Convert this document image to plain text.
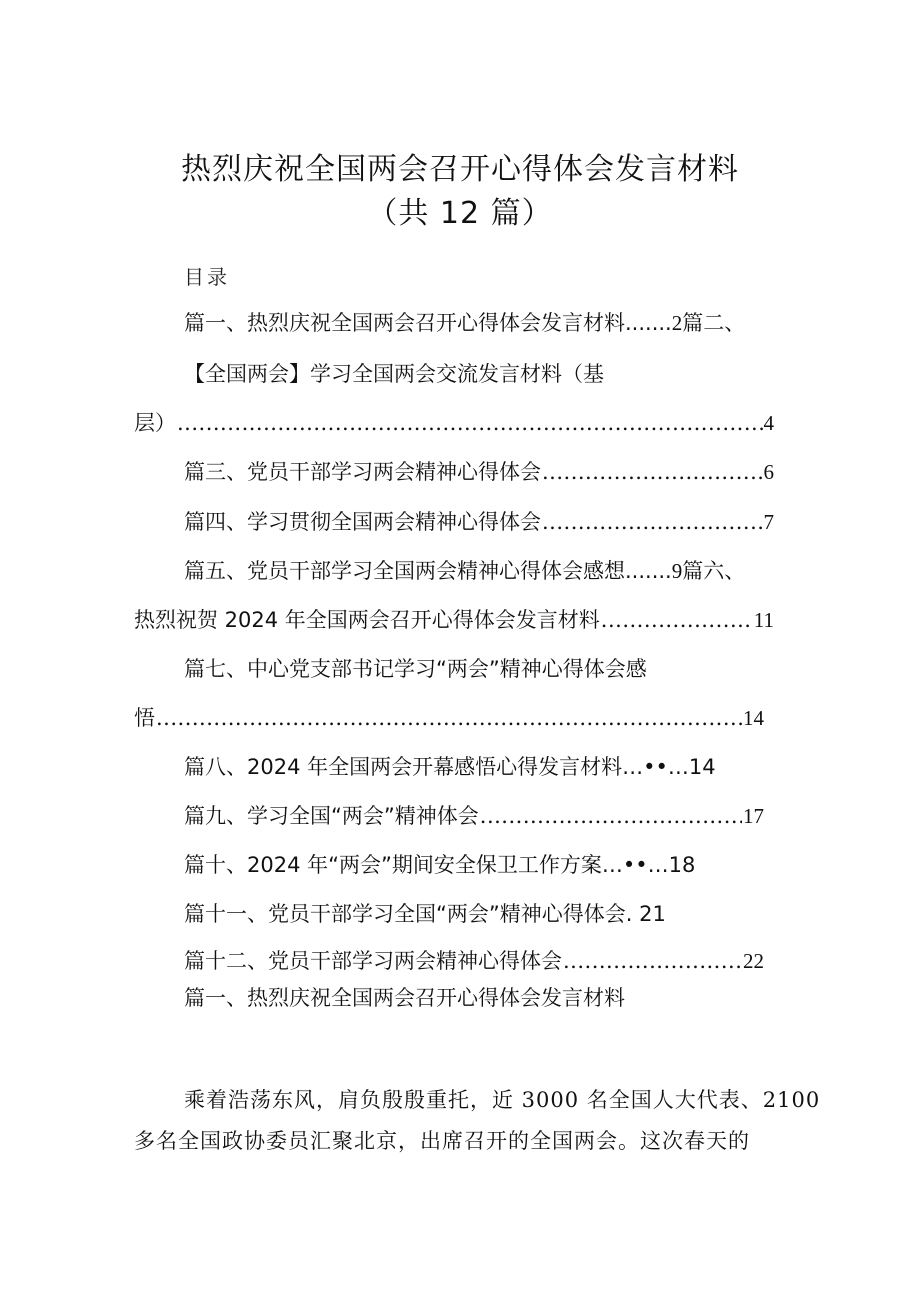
热烈庆祝全国两会召开心得体会发言材料
（共 12 篇）
目录
篇一、热烈庆祝全国两会召开心得体会发言材料 ....... 2 篇二、
【全国两会】学习全国两会交流发言材料（基
层） .....	4
篇三、党员干部学习两会精神心得体会 .....	6
篇四、学习贯彻全国两会精神心得体会 .....	7
篇五、党员干部学习全国两会精神心得体会感想 ....... 9 篇六、
热烈祝贺 2024 年全国两会召开心得体会发言材料 .....	11
篇七、中心党支部书记学习“两会”精神心得体会感
悟 .....	14
篇八、2024 年全国两会开幕感悟心得发言材料…••…14
篇九、学习全国“两会”精神体会 .....	17
篇十、2024 年“两会”期间安全保卫工作方案…••…18
篇十一、党员干部学习全国“两会”精神心得体会. 21
篇十二、党员干部学习两会精神心得体会 .....	22
篇一、热烈庆祝全国两会召开心得体会发言材料
乘着浩荡东风，肩负殷殷重托，近 3000 名全国人大代表、2100
多名全国政协委员汇聚北京，出席召开的全国两会。这次春天的
